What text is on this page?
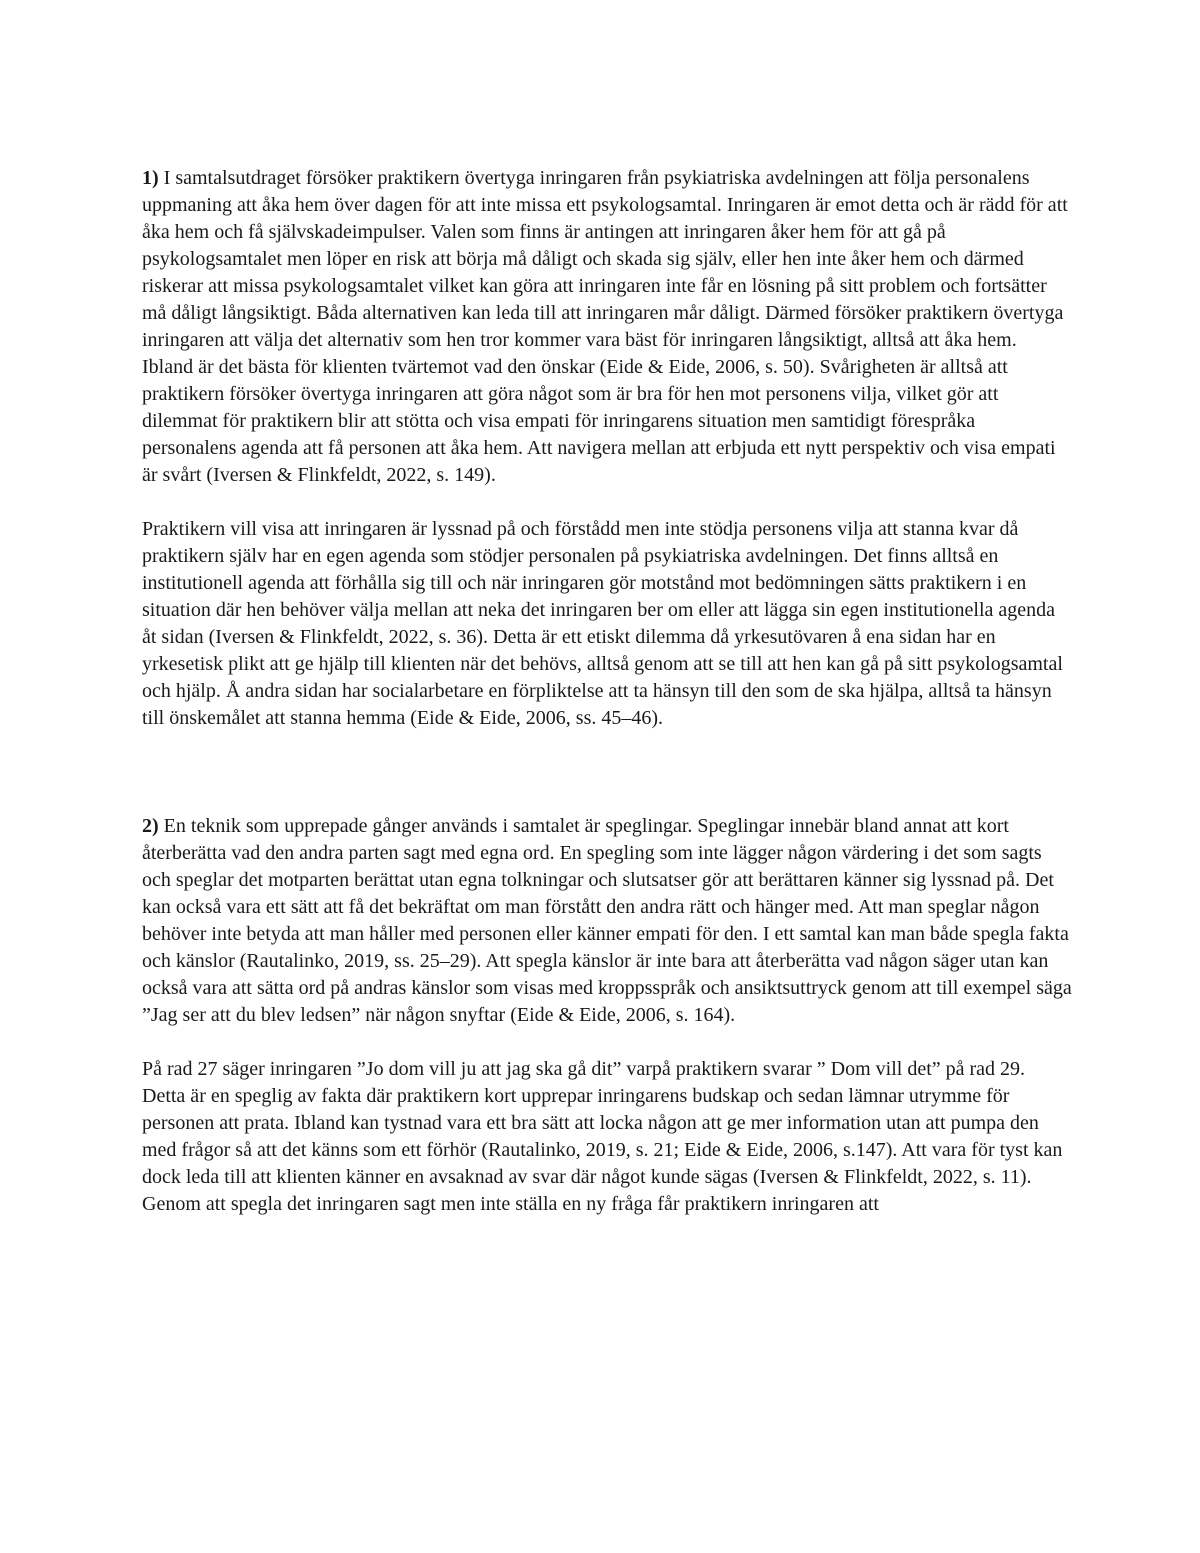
1) I samtalsutdraget försöker praktikern övertyga inringaren från psykiatriska avdelningen att följa personalens uppmaning att åka hem över dagen för att inte missa ett psykologsamtal. Inringaren är emot detta och är rädd för att åka hem och få självskadeimpulser. Valen som finns är antingen att inringaren åker hem för att gå på psykologsamtalet men löper en risk att börja må dåligt och skada sig själv, eller hen inte åker hem och därmed riskerar att missa psykologsamtalet vilket kan göra att inringaren inte får en lösning på sitt problem och fortsätter må dåligt långsiktigt. Båda alternativen kan leda till att inringaren mår dåligt. Därmed försöker praktikern övertyga inringaren att välja det alternativ som hen tror kommer vara bäst för inringaren långsiktigt, alltså att åka hem. Ibland är det bästa för klienten tvärtemot vad den önskar (Eide & Eide, 2006, s. 50). Svårigheten är alltså att praktikern försöker övertyga inringaren att göra något som är bra för hen mot personens vilja, vilket gör att dilemmat för praktikern blir att stötta och visa empati för inringarens situation men samtidigt förespråka personalens agenda att få personen att åka hem. Att navigera mellan att erbjuda ett nytt perspektiv och visa empati är svårt (Iversen & Flinkfeldt, 2022, s. 149).

Praktikern vill visa att inringaren är lyssnad på och förstådd men inte stödja personens vilja att stanna kvar då praktikern själv har en egen agenda som stödjer personalen på psykiatriska avdelningen. Det finns alltså en institutionell agenda att förhålla sig till och när inringaren gör motstånd mot bedömningen sätts praktikern i en situation där hen behöver välja mellan att neka det inringaren ber om eller att lägga sin egen institutionella agenda åt sidan (Iversen & Flinkfeldt, 2022, s. 36). Detta är ett etiskt dilemma då yrkesutövaren å ena sidan har en yrkesetisk plikt att ge hjälp till klienten när det behövs, alltså genom att se till att hen kan gå på sitt psykologsamtal och hjälp. Å andra sidan har socialarbetare en förpliktelse att ta hänsyn till den som de ska hjälpa, alltså ta hänsyn till önskemålet att stanna hemma (Eide & Eide, 2006, ss. 45–46).

2) En teknik som upprepade gånger används i samtalet är speglingar. Speglingar innebär bland annat att kort återberätta vad den andra parten sagt med egna ord. En spegling som inte lägger någon värdering i det som sagts och speglar det motparten berättat utan egna tolkningar och slutsatser gör att berättaren känner sig lyssnad på. Det kan också vara ett sätt att få det bekräftat om man förstått den andra rätt och hänger med. Att man speglar någon behöver inte betyda att man håller med personen eller känner empati för den. I ett samtal kan man både spegla fakta och känslor (Rautalinko, 2019, ss. 25–29). Att spegla känslor är inte bara att återberätta vad någon säger utan kan också vara att sätta ord på andras känslor som visas med kroppsspråk och ansiktsuttryck genom att till exempel säga ”Jag ser att du blev ledsen” när någon snyftar (Eide & Eide, 2006, s. 164).

På rad 27 säger inringaren ”Jo dom vill ju att jag ska gå dit” varpå praktikern svarar ” Dom vill det” på rad 29. Detta är en speglig av fakta där praktikern kort upprepar inringarens budskap och sedan lämnar utrymme för personen att prata. Ibland kan tystnad vara ett bra sätt att locka någon att ge mer information utan att pumpa den med frågor så att det känns som ett förhör (Rautalinko, 2019, s. 21; Eide & Eide, 2006, s.147). Att vara för tyst kan dock leda till att klienten känner en avsaknad av svar där något kunde sägas (Iversen & Flinkfeldt, 2022, s. 11). Genom att spegla det inringaren sagt men inte ställa en ny fråga får praktikern inringaren att
